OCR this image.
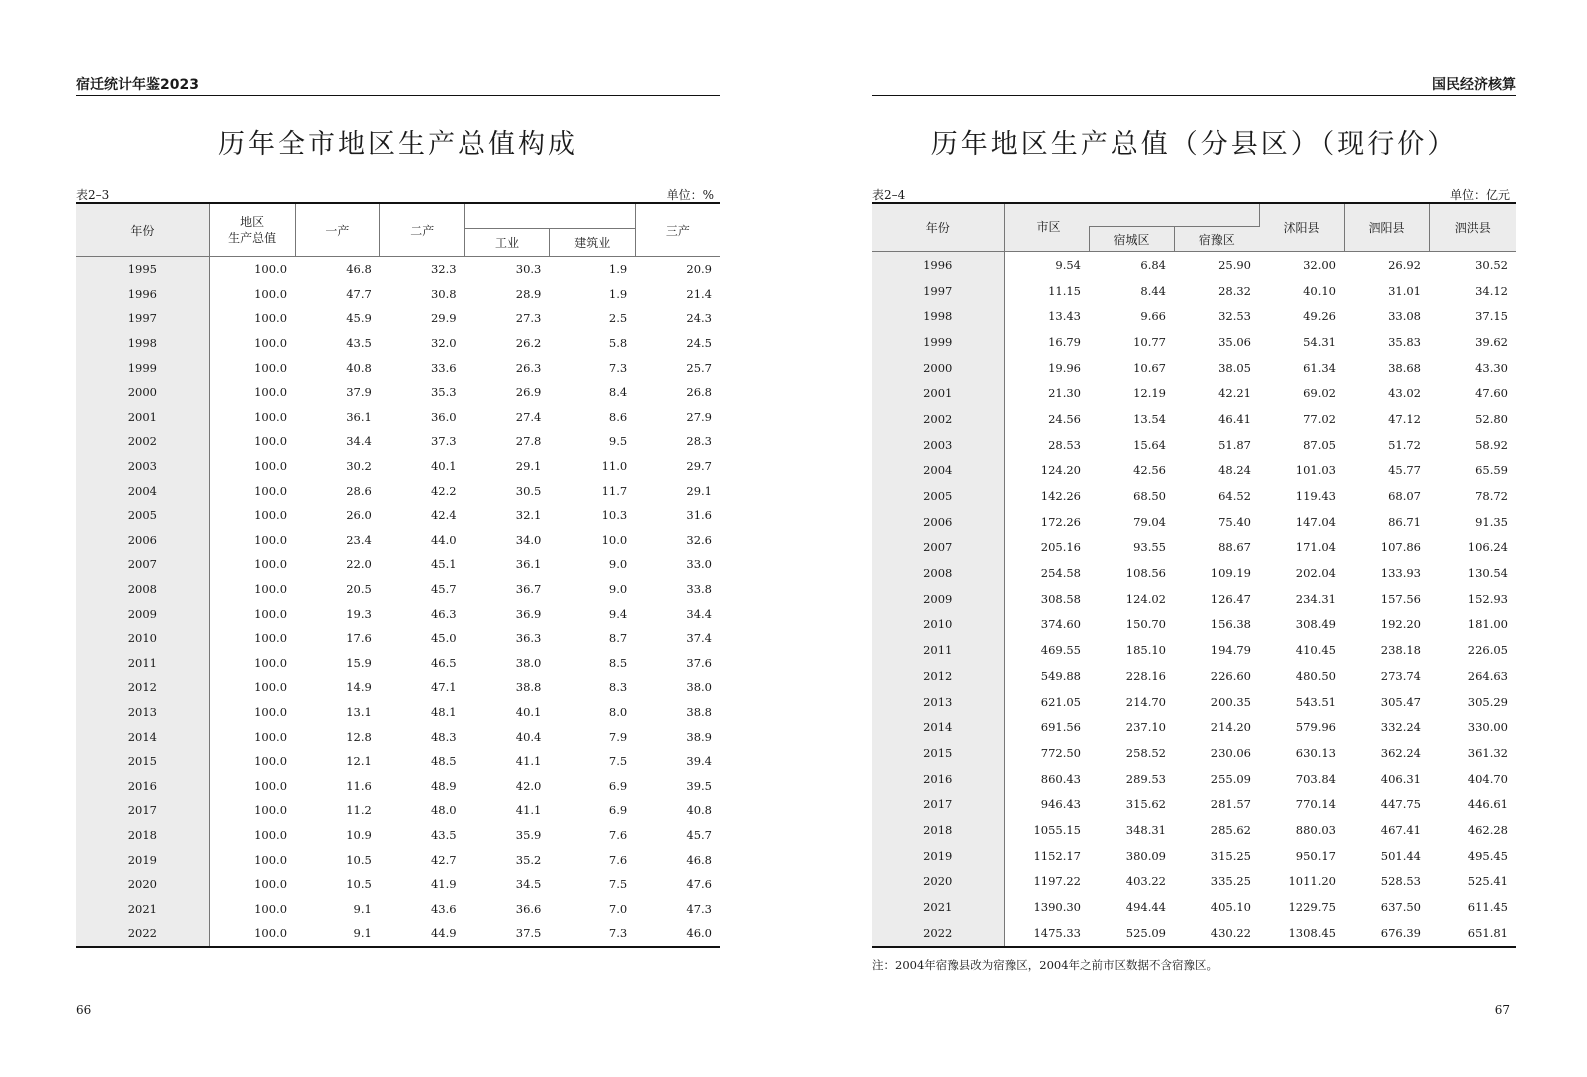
宿迁统计年鉴2023
历年全市地区生产总值构成
表2–3	单位：%
年份	地区
生产总值	一产	二产			三产
				工业	建筑业	
1995	100.0	46.8	32.3	30.3	1.9	20.9
1996	100.0	47.7	30.8	28.9	1.9	21.4
1997	100.0	45.9	29.9	27.3	2.5	24.3
1998	100.0	43.5	32.0	26.2	5.8	24.5
1999	100.0	40.8	33.6	26.3	7.3	25.7
2000	100.0	37.9	35.3	26.9	8.4	26.8
2001	100.0	36.1	36.0	27.4	8.6	27.9
2002	100.0	34.4	37.3	27.8	9.5	28.3
2003	100.0	30.2	40.1	29.1	11.0	29.7
2004	100.0	28.6	42.2	30.5	11.7	29.1
2005	100.0	26.0	42.4	32.1	10.3	31.6
2006	100.0	23.4	44.0	34.0	10.0	32.6
2007	100.0	22.0	45.1	36.1	9.0	33.0
2008	100.0	20.5	45.7	36.7	9.0	33.8
2009	100.0	19.3	46.3	36.9	9.4	34.4
2010	100.0	17.6	45.0	36.3	8.7	37.4
2011	100.0	15.9	46.5	38.0	8.5	37.6
2012	100.0	14.9	47.1	38.8	8.3	38.0
2013	100.0	13.1	48.1	40.1	8.0	38.8
2014	100.0	12.8	48.3	40.4	7.9	38.9
2015	100.0	12.1	48.5	41.1	7.5	39.4
2016	100.0	11.6	48.9	42.0	6.9	39.5
2017	100.0	11.2	48.0	41.1	6.9	40.8
2018	100.0	10.9	43.5	35.9	7.6	45.7
2019	100.0	10.5	42.7	35.2	7.6	46.8
2020	100.0	10.5	41.9	34.5	7.5	47.6
2021	100.0	9.1	43.6	36.6	7.0	47.3
2022	100.0	9.1	44.9	37.5	7.3	46.0
66
国民经济核算
历年地区生产总值（分县区）（现行价）
表2–4	单位：亿元
年份	市区			沭阳县	泗阳县	泗洪县
		宿城区	宿豫区			
1996	9.54	6.84	25.90	32.00	26.92	30.52
1997	11.15	8.44	28.32	40.10	31.01	34.12
1998	13.43	9.66	32.53	49.26	33.08	37.15
1999	16.79	10.77	35.06	54.31	35.83	39.62
2000	19.96	10.67	38.05	61.34	38.68	43.30
2001	21.30	12.19	42.21	69.02	43.02	47.60
2002	24.56	13.54	46.41	77.02	47.12	52.80
2003	28.53	15.64	51.87	87.05	51.72	58.92
2004	124.20	42.56	48.24	101.03	45.77	65.59
2005	142.26	68.50	64.52	119.43	68.07	78.72
2006	172.26	79.04	75.40	147.04	86.71	91.35
2007	205.16	93.55	88.67	171.04	107.86	106.24
2008	254.58	108.56	109.19	202.04	133.93	130.54
2009	308.58	124.02	126.47	234.31	157.56	152.93
2010	374.60	150.70	156.38	308.49	192.20	181.00
2011	469.55	185.10	194.79	410.45	238.18	226.05
2012	549.88	228.16	226.60	480.50	273.74	264.63
2013	621.05	214.70	200.35	543.51	305.47	305.29
2014	691.56	237.10	214.20	579.96	332.24	330.00
2015	772.50	258.52	230.06	630.13	362.24	361.32
2016	860.43	289.53	255.09	703.84	406.31	404.70
2017	946.43	315.62	281.57	770.14	447.75	446.61
2018	1055.15	348.31	285.62	880.03	467.41	462.28
2019	1152.17	380.09	315.25	950.17	501.44	495.45
2020	1197.22	403.22	335.25	1011.20	528.53	525.41
2021	1390.30	494.44	405.10	1229.75	637.50	611.45
2022	1475.33	525.09	430.22	1308.45	676.39	651.81
注：2004年宿豫县改为宿豫区，2004年之前市区数据不含宿豫区。
67
